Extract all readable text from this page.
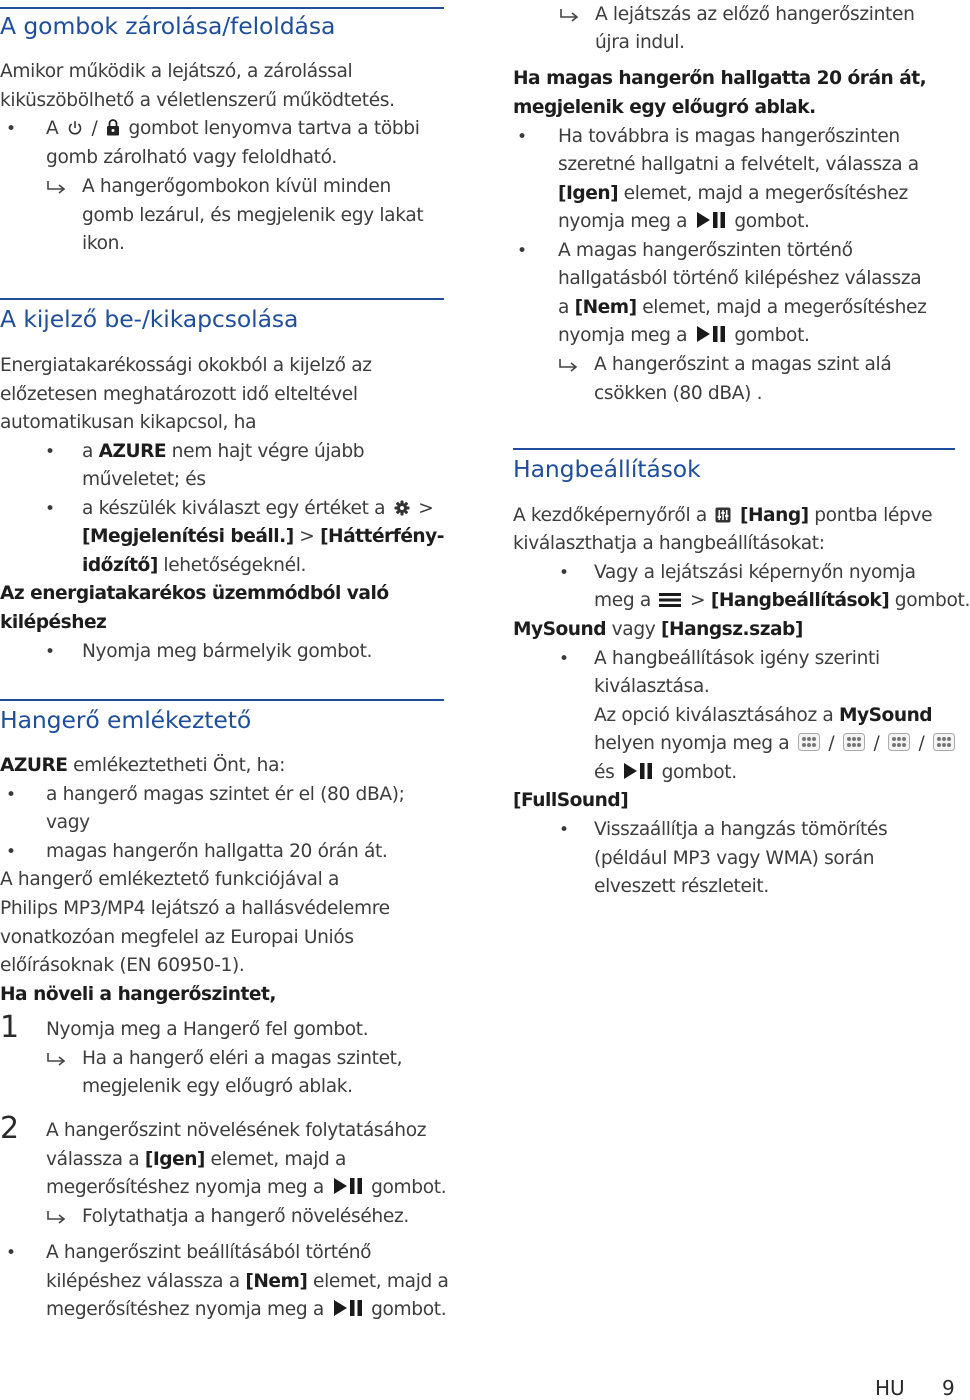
A gombok zárolása/feloldása
Amikor működik a lejátszó, a zárolással
kiküszöbölhető a véletlenszerű működtetés.
• A / gombot lenyomva tartva a többi
gomb zárolható vagy feloldható.
A hangerőgombokon kívül minden
gomb lezárul, és megjelenik egy lakat
ikon.
A kijelző be-/kikapcsolása
Energiatakarékossági okokból a kijelző az
előzetesen meghatározott idő elteltével
automatikusan kikapcsol, ha
• a AZURE nem hajt végre újabb
műveletet; és
• a készülék kiválaszt egy értéket a >
[Megjelenítési beáll.] > [Háttérfény-
időzítő] lehetőségeknél.
Az energiatakarékos üzemmódból való
kilépéshez
• Nyomja meg bármelyik gombot.
Hangerő emlékeztető
AZURE emlékeztetheti Önt, ha:
• a hangerő magas szintet ér el (80 dBA);
vagy
• magas hangerőn hallgatta 20 órán át.
A hangerő emlékeztető funkciójával a
Philips MP3/MP4 lejátszó a hallásvédelemre
vonatkozóan megfelel az Europai Uniós
előírásoknak (EN 60950-1).
Ha növeli a hangerőszintet,
1 Nyomja meg a Hangerő fel gombot.
Ha a hangerő eléri a magas szintet,
megjelenik egy előugró ablak.
2 A hangerőszint növelésének folytatásához
válassza a [Igen] elemet, majd a
megerősítéshez nyomja meg a	gombot.
Folytathatja a hangerő növeléséhez.
• A hangerőszint beállításából történő
kilépéshez válassza a [Nem] elemet, majd a
megerősítéshez nyomja meg a	gombot.
A lejátszás az előző hangerőszinten
újra indul.
Ha magas hangerőn hallgatta 20 órán át,
megjelenik egy előugró ablak.
• Ha továbbra is magas hangerőszinten
szeretné hallgatni a felvételt, válassza a
[Igen] elemet, majd a megerősítéshez
nyomja meg a	gombot.
• A magas hangerőszinten történő
hallgatásból történő kilépéshez válassza
a [Nem] elemet, majd a megerősítéshez
nyomja meg a	gombot.
A hangerőszint a magas szint alá
csökken (80 dBA) .
Hangbeállítások
A kezdőképernyőről a [Hang] pontba lépve
kiválaszthatja a hangbeállításokat:
• Vagy a lejátszási képernyőn nyomja
meg a > [Hangbeállítások] gombot.
MySound vagy [Hangsz.szab]
• A hangbeállítások igény szerinti
kiválasztása.
Az opció kiválasztásához a MySound
helyen nyomja meg a / / /
és	gombot.
[FullSound]
• Visszaállítja a hangzás tömörítés
(például MP3 vagy WMA) során
elveszett részleteit.
HU 9
